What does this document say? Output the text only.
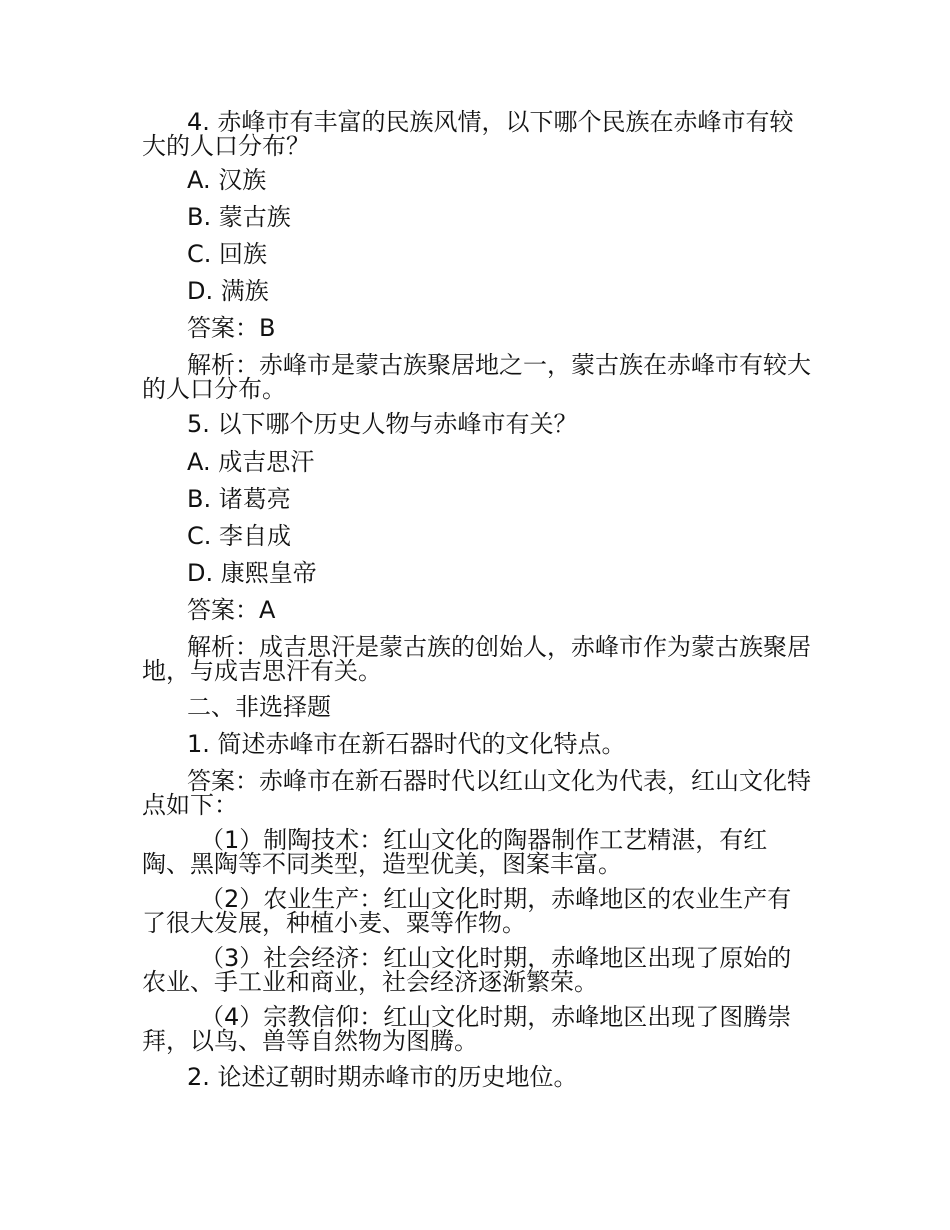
4. 赤峰市有丰富的民族风情，以下哪个民族在赤峰市有较大的人口分布？
A. 汉族
B. 蒙古族
C. 回族
D. 满族
答案：B
解析：赤峰市是蒙古族聚居地之一，蒙古族在赤峰市有较大的人口分布。
5. 以下哪个历史人物与赤峰市有关？
A. 成吉思汗
B. 诸葛亮
C. 李自成
D. 康熙皇帝
答案：A
解析：成吉思汗是蒙古族的创始人，赤峰市作为蒙古族聚居地，与成吉思汗有关。
二、非选择题
1. 简述赤峰市在新石器时代的文化特点。
答案：赤峰市在新石器时代以红山文化为代表，红山文化特点如下：
（1）制陶技术：红山文化的陶器制作工艺精湛，有红陶、黑陶等不同类型，造型优美，图案丰富。
（2）农业生产：红山文化时期，赤峰地区的农业生产有了很大发展，种植小麦、粟等作物。
（3）社会经济：红山文化时期，赤峰地区出现了原始的农业、手工业和商业，社会经济逐渐繁荣。
（4）宗教信仰：红山文化时期，赤峰地区出现了图腾崇拜，以鸟、兽等自然物为图腾。
2. 论述辽朝时期赤峰市的历史地位。
